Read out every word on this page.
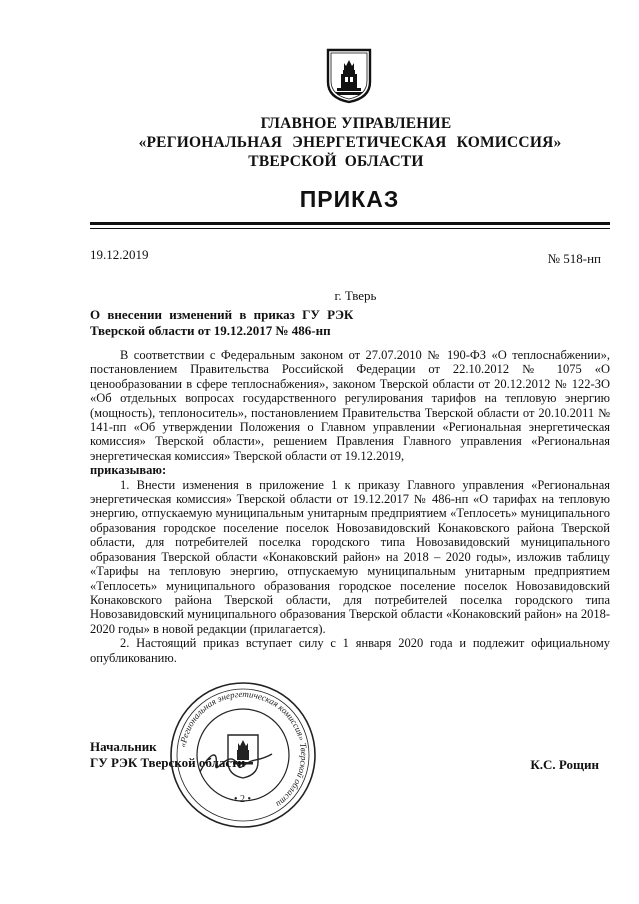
ГЛАВНОЕ УПРАВЛЕНИЕ
«РЕГИОНАЛЬНАЯ ЭНЕРГЕТИЧЕСКАЯ КОМИССИЯ»
ТВЕРСКОЙ ОБЛАСТИ
ПРИКАЗ
19.12.2019	№ 518-нп
г. Тверь
О внесении изменений в приказ ГУ РЭК
Тверской области от 19.12.2017 № 486-нп

В соответствии с Федеральным законом от 27.07.2010 № 190-ФЗ «О теплоснабжении», постановлением Правительства Российской Федерации от 22.10.2012 № 1075 «О ценообразовании в сфере теплоснабжения», законом Тверской области от 20.12.2012 № 122-ЗО «Об отдельных вопросах государственного регулирования тарифов на тепловую энергию (мощность), теплоноситель», постановлением Правительства Тверской области от 20.10.2011 № 141-пп «Об утверждении Положения о Главном управлении «Региональная энергетическая комиссия» Тверской области», решением Правления Главного управления «Региональная энергетическая комиссия» Тверской области от 19.12.2019,

приказываю:

1. Внести изменения в приложение 1 к приказу Главного управления «Региональная энергетическая комиссия» Тверской области от 19.12.2017 № 486-нп «О тарифах на тепловую энергию, отпускаемую муниципальным унитарным предприятием «Теплосеть» муниципального образования городское поселение поселок Новозавидовский Конаковского района Тверской области, для потребителей поселка городского типа Новозавидовский муниципального образования Тверской области «Конаковский район» на 2018 – 2020 годы», изложив таблицу «Тарифы на тепловую энергию, отпускаемую муниципальным унитарным предприятием «Теплосеть» муниципального образования городское поселение поселок Новозавидовский Конаковского района Тверской области, для потребителей поселка городского типа Новозавидовский муниципального образования Тверской области «Конаковский район» на 2018-2020 годы» в новой редакции (прилагается).

2. Настоящий приказ вступает силу с 1 января 2020 года и подлежит официальному опубликованию.

«Региональная энергетическая комиссия» Тверской области
• 2 •
Начальник
ГУ РЭК Тверской области	К.С. Рощин
